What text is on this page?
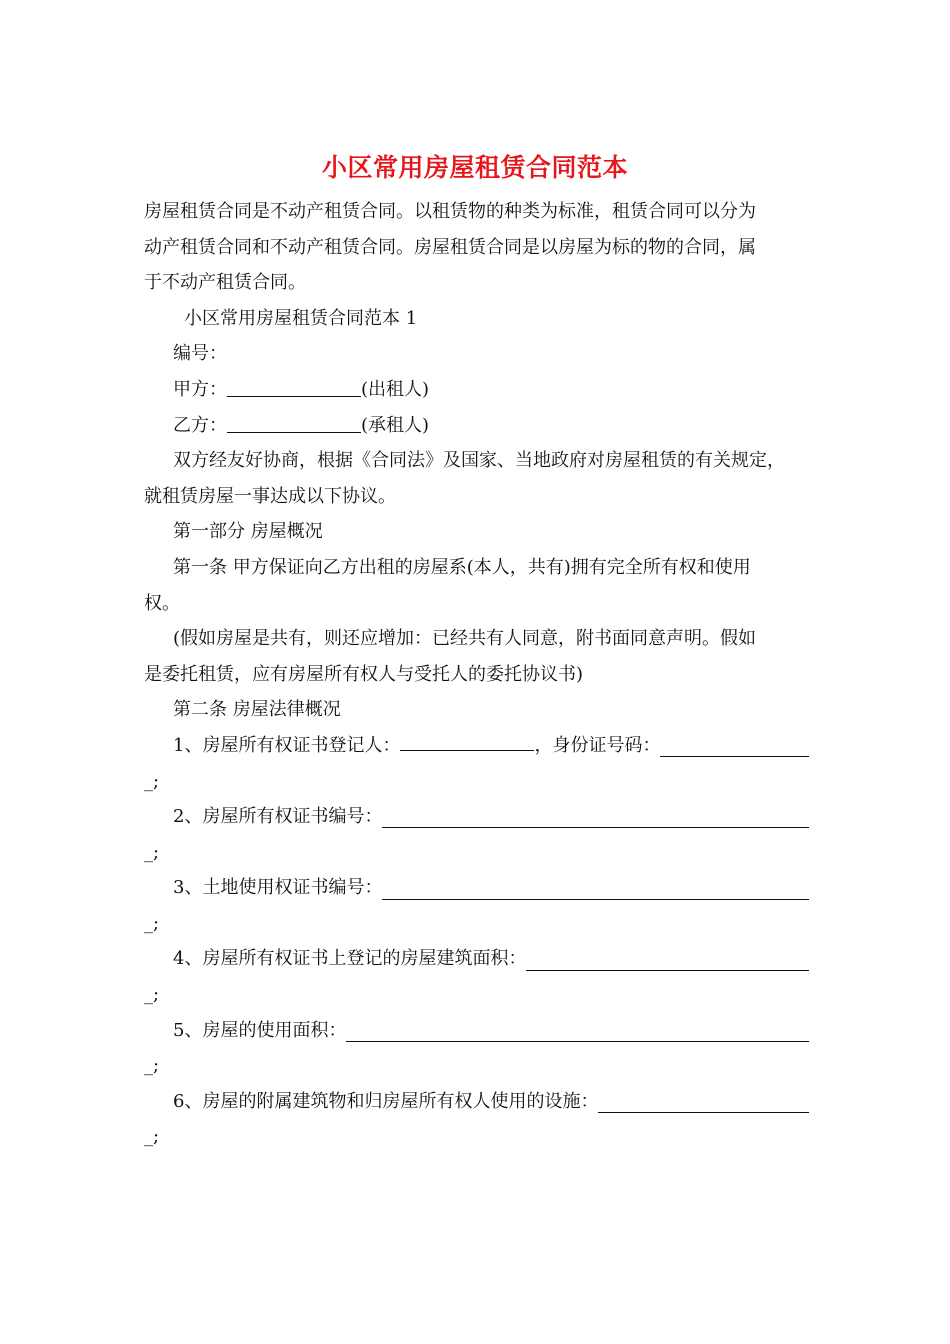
小区常用房屋租赁合同范本

房屋租赁合同是不动产租赁合同。以租赁物的种类为标准，租赁合同可以分为

动产租赁合同和不动产租赁合同。房屋租赁合同是以房屋为标的物的合同，属

于不动产租赁合同。

小区常用房屋租赁合同范本 1

编号：

甲方：	(出租人)

乙方：	(承租人)

双方经友好协商，根据《合同法》及国家、当地政府对房屋租赁的有关规定，

就租赁房屋一事达成以下协议。

第一部分 房屋概况

第一条 甲方保证向乙方出租的房屋系(本人，共有)拥有完全所有权和使用

权。

(假如房屋是共有，则还应增加：已经共有人同意，附书面同意声明。假如

是委托租赁，应有房屋所有权人与受托人的委托协议书)

第二条 房屋法律概况

1、房屋所有权证书登记人：	，身份证号码：

_;

2、房屋所有权证书编号：

_;

3、土地使用权证书编号：

_;

4、房屋所有权证书上登记的房屋建筑面积：

_;

5、房屋的使用面积：

_;

6、房屋的附属建筑物和归房屋所有权人使用的设施：

_;
